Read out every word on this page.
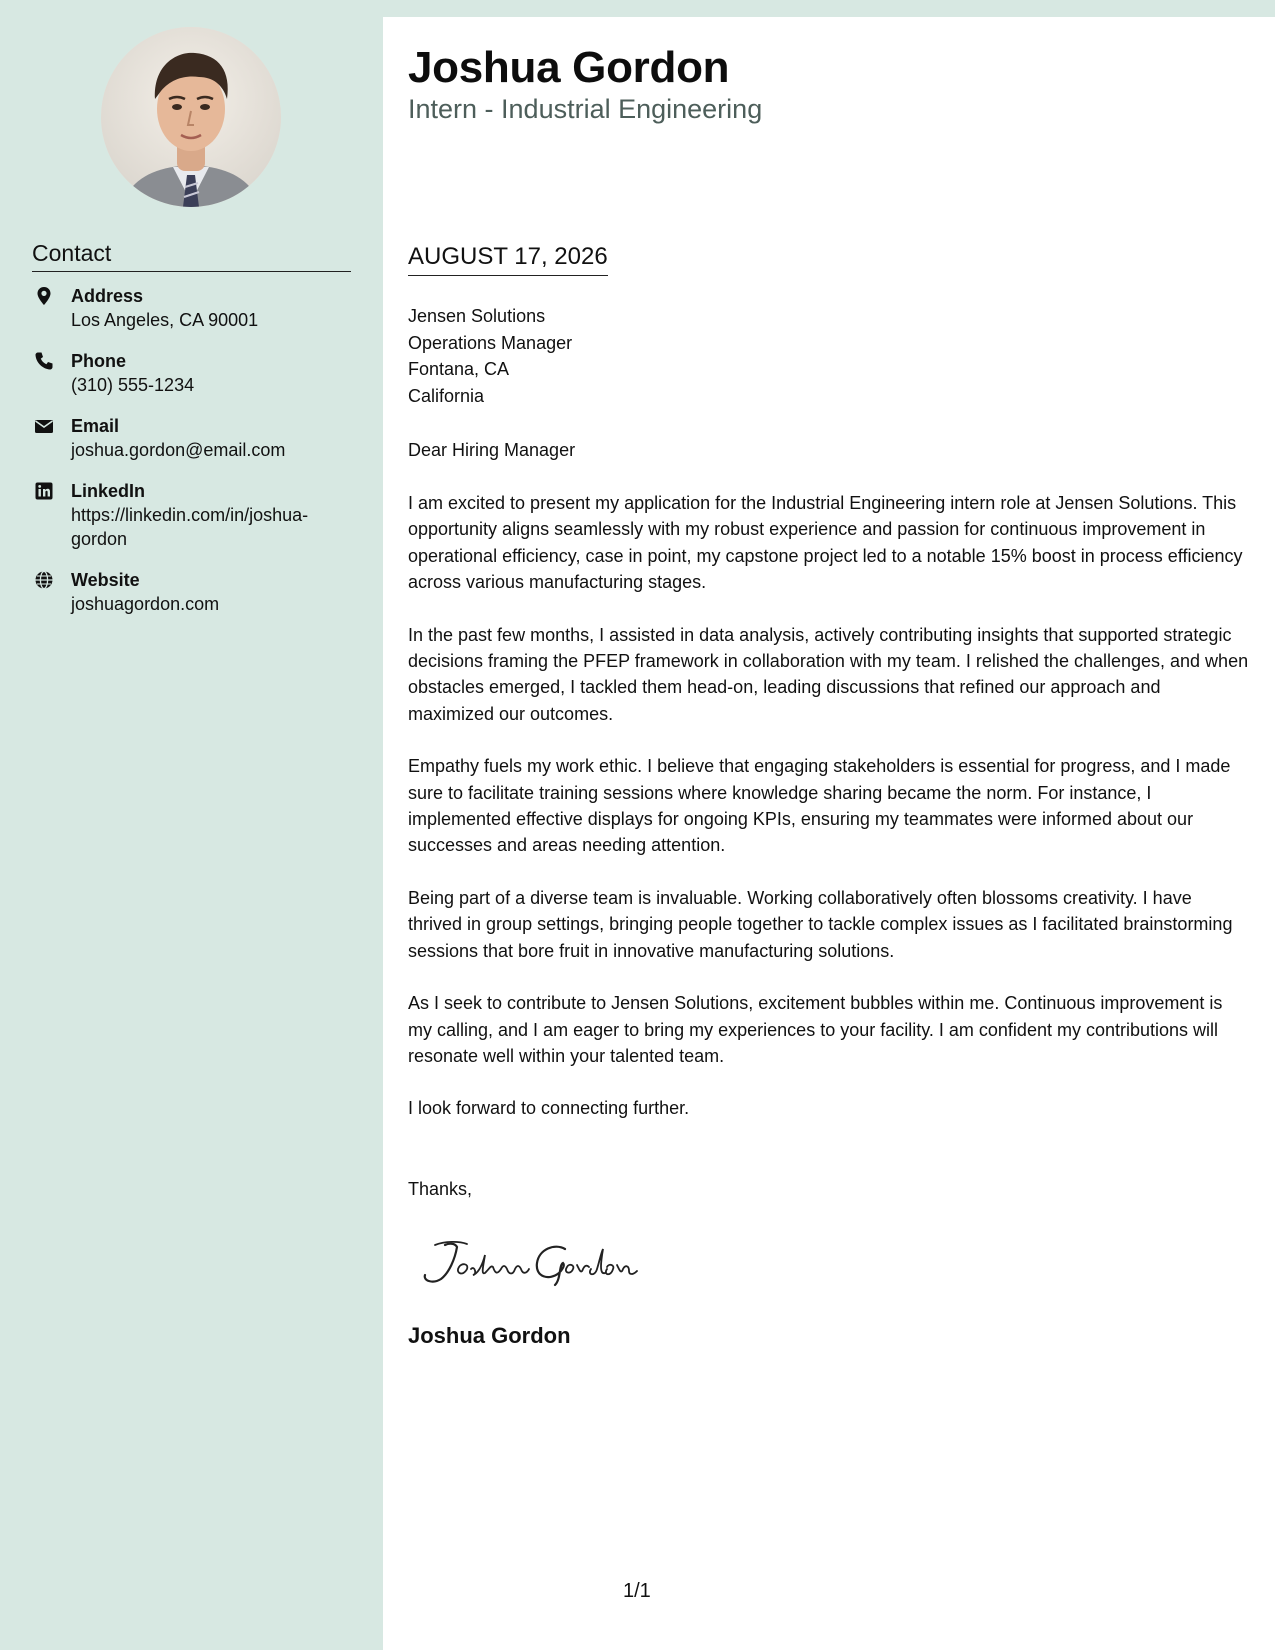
Contact
Address
Los Angeles, CA 90001
Phone
(310) 555-1234
Email
joshua.gordon@email.com
LinkedIn
https://linkedin.com/in/joshua-
gordon
Website
joshuagordon.com
Joshua Gordon
Intern - Industrial Engineering
AUGUST 17, 2026
Jensen Solutions
Operations Manager
Fontana, CA
California
Dear Hiring Manager

I am excited to present my application for the Industrial Engineering intern role at Jensen Solutions. This opportunity aligns seamlessly with my robust experience and passion for continuous improvement in operational efficiency, case in point, my capstone project led to a notable 15% boost in process efficiency across various manufacturing stages.

In the past few months, I assisted in data analysis, actively contributing insights that supported strategic decisions framing the PFEP framework in collaboration with my team. I relished the challenges, and when obstacles emerged, I tackled them head-on, leading discussions that refined our approach and maximized our outcomes.

Empathy fuels my work ethic. I believe that engaging stakeholders is essential for progress, and I made sure to facilitate training sessions where knowledge sharing became the norm. For instance, I implemented effective displays for ongoing KPIs, ensuring my teammates were informed about our successes and areas needing attention.

Being part of a diverse team is invaluable. Working collaboratively often blossoms creativity. I have thrived in group settings, bringing people together to tackle complex issues as I facilitated brainstorming sessions that bore fruit in innovative manufacturing solutions.

As I seek to contribute to Jensen Solutions, excitement bubbles within me. Continuous improvement is my calling, and I am eager to bring my experiences to your facility. I am confident my contributions will resonate well within your talented team.

I look forward to connecting further.

Thanks,
Joshua Gordon
1/1
